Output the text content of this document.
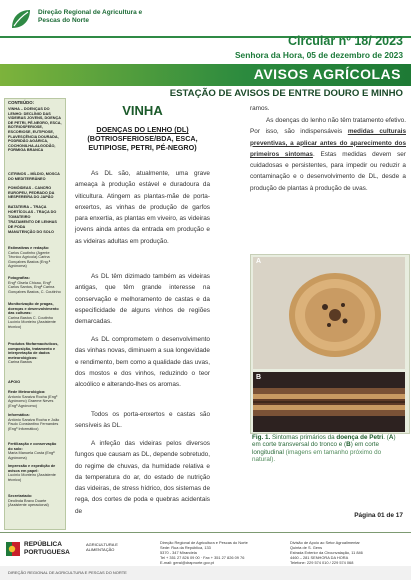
Direção Regional de Agricultura e Pescas do Norte
Circular nº 18/ 2023
Senhora da Hora, 05 de dezembro de 2023
AVISOS AGRÍCOLAS
ESTAÇÃO DE AVISOS DE ENTRE DOURO E MINHO
CONTEÚDO:
VINHA – DOENÇAS DO LENHO: DECLÍNIO DAS VIDEIRAS JOVENS, DOENÇA DE PETRI, PÉ-NEGRO, ESCA, BOTRIOSFERIOSE, ESCORIOSE, EUTIPIOSE, FLAVESCÊNCIA DOURADA, PODRIDÃO AGÁRICA, COCHONILHA-ALGODÃO, FORMIGA BRANCA
CITRINOS – MÍLDIO, MOSCA DO MEDITERRÂNEO
POMÓIDEAS - CANCRO EUROPEU, PEDRADO DA NESPEREIRA DO JAPÃO
BATATEIRA – TRAÇA
HORTÍCOLAS - TRAÇA DO TOMATEIRO
TRATAMENTO DE LENHAS DE PODA
MANUTENÇÃO DO SOLO
Estimativas e redação:
Carlos Coutinho (Agente Técnico Agrícola) Carina Gonçalves Bastos (Eng.ª Agrónoma)
Fotografias:
Engº Gisela Chicau, Engº Carlos Santos, Engª Carina Gonçalves Bastos, C. Coutinho
Monitorização de pragas, doenças e desenvolvimento das culturas:
Carina Bastos C. Coutinho Lucínio Monteiro (Assistente técnico)
Produtos fitofarmacêuticos, composição, tratamento e interpretação de dados meteorológicos:
Carina Bastos
APOIO
Rede Meteorológica:
Antonio Saraiva Rocha (Engº Agrónomo) Graeme Neves (Engº Agrónomo)
Informática:
António Saraiva Rocha e João Paulo Constantino Fernandes (Engº Informático)
Fertilização e conservação do solo:
Maria Manuela Costa (Engª Agrónoma)
Impressão e expedição de avisos em papel:
Lucínio Monteiro (Assistente técnico)
Secretariado:
Deolinda Bravo Duarte (Assistente operacional)
VINHA
DOENÇAS DO LENHO (DL)
(BOTRIOSFERIOSE/BDA, ESCA,
EUTIPIOSE, PETRI, PÉ-NEGRO)
As DL são, atualmente, uma grave ameaça à produção estável e duradoura da viticultura. Atingem as plantas-mãe de porta-enxertos, as vinhas de produção de garfos para enxertia, as plantas em viveiro, as videiras jovens ainda antes da entrada em produção e as videiras adultas em produção.
As DL têm dizimado também as videiras antigas, que têm grande interesse na conservação e melhoramento de castas e da especificidade de alguns vinhos de regiões demarcadas.
As DL comprometem o desenvolvimento das vinhas novas, diminuem a sua longevidade e rendimento, bem como a qualidade das uvas, dos mostos e dos vinhos, reduzindo o teor alcoólico e alterando-lhes os aromas.
Todos os porta-enxertos e castas são sensíveis às DL.
A infeção das videiras pelos diversos fungos que causam as DL, depende sobretudo, do regime de chuvas, da humidade relativa e da temperatura do ar, do estado de nutrição das videiras, de stress hídrico, dos sistemas de rega, dos cortes de poda e quebras acidentais de
ramos.
As doenças do lenho não têm tratamento efetivo. Por isso, são indispensáveis medidas culturais preventivas, a aplicar antes do aparecimento dos primeiros sintomas. Estas medidas devem ser cuidadosas e persistentes, para impedir ou reduzir a contaminação e o desenvolvimento de DL, desde a produção de plantas à produção de uvas.
A
B
Fig. 1. Sintomas primários da doença de Petri. (A) em corte transversal do tronco e (B) em corte longitudinal (imagens em tamanho próximo do natural).
Página 01 de 17
REPÚBLICA PORTUGUESA
AGRICULTURA E ALIMENTAÇÃO
Direção Regional de Agricultura e Pescas do Norte
Sede: Rua da República, 133
5370 - 347 Mirandela
Tel + 351 27 826 09 00 · Fax + 351 27 826 09 76
E-mail: geral@drapnorte.gov.pt

Divisão de Apoio ao Setor Agroalimentar
Quinta de S. Gens
Estrada Exterior da Circunvalação, 11 846
4460 – 281 SENHORA DA HORA
Telefone: 229 574 010 / 229 574 068

DIREÇÃO REGIONAL DE AGRICULTURA E PESCAS DO NORTE
